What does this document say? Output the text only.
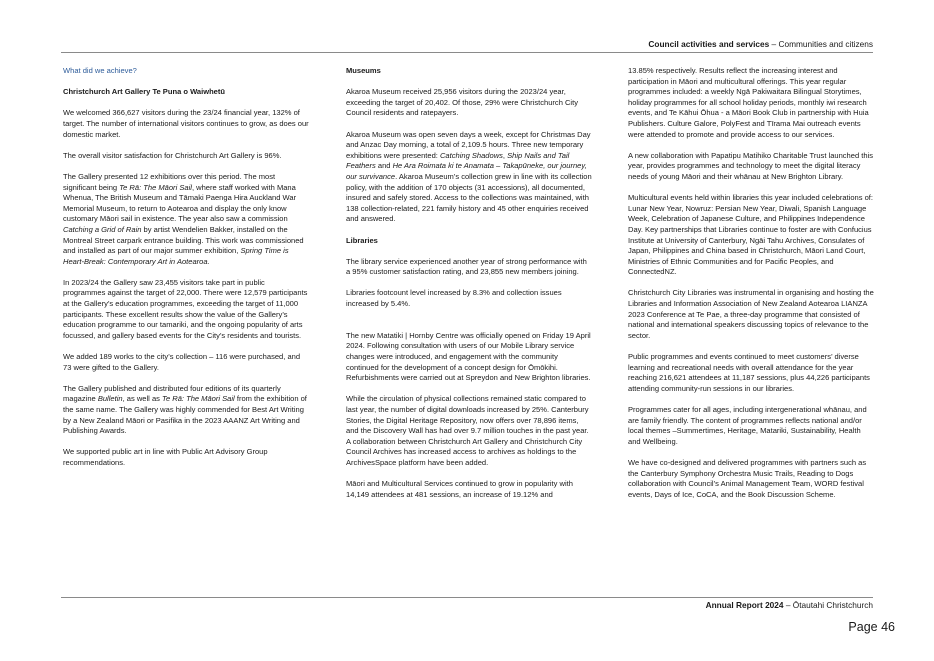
Council activities and services – Communities and citizens

What did we achieve?

Christchurch Art Gallery Te Puna o Waiwhetū

We welcomed 366,627 visitors during the 23/24 financial year, 132% of target. The number of international visitors continues to grow, as does our domestic market.

The overall visitor satisfaction for Christchurch Art Gallery is 96%.

The Gallery presented 12 exhibitions over this period. The most significant being Te Rā: The Māori Sail, where staff worked with Mana Whenua, The British Museum and Tāmaki Paenga Hira Auckland War Memorial Museum, to return to Aotearoa and display the only know customary Māori sail in existence. The year also saw a commission Catching a Grid of Rain by artist Wendelien Bakker, installed on the Montreal Street carpark entrance building. This work was commissioned and installed as part of our major summer exhibition, Spring Time is Heart-Break: Contemporary Art in Aotearoa.

In 2023/24 the Gallery saw 23,455 visitors take part in public programmes against the target of 22,000. There were 12,579 participants at the Gallery’s education programmes, exceeding the target of 11,000 participants. These excellent results show the value of the Gallery’s education programme to our tamariki, and the ongoing popularity of arts focussed, and gallery based events for the City’s residents and tourists.

We added 189 works to the city’s collection – 116 were purchased, and 73 were gifted to the Gallery.

The Gallery published and distributed four editions of its quarterly magazine Bulletin, as well as Te Rā: The Māori Sail from the exhibition of the same name. The Gallery was highly commended for Best Art Writing by a New Zealand Māori or Pasifika in the 2023 AAANZ Art Writing and Publishing Awards.

We supported public art in line with Public Art Advisory Group recommendations.

Museums

Akaroa Museum received 25,956 visitors during the 2023/24 year, exceeding the target of 20,402. Of those, 29% were Christchurch City Council residents and ratepayers.

Akaroa Museum was open seven days a week, except for Christmas Day and Anzac Day morning, a total of 2,109.5 hours. Three new temporary exhibitions were presented: Catching Shadows, Ship Nails and Tail Feathers and He Ara Roimata ki te Anamata – Takapūneke, our journey, our survivance. Akaroa Museum’s collection grew in line with its collection policy, with the addition of 170 objects (31 accessions), all documented, insured and safely stored. Access to the collections was maintained, with 138 collection-related, 221 family history and 45 other enquiries received and answered.

Libraries

The library service experienced another year of strong performance with a 95% customer satisfaction rating, and 23,855 new members joining.

Libraries footcount level increased by 8.3% and collection issues increased by 5.4%.

The new Matatiki | Hornby Centre was officially opened on Friday 19 April 2024. Following consultation with users of our Mobile Library service changes were introduced, and engagement with the community continued for the development of a concept design for Ōmōkihi. Refurbishments were carried out at Spreydon and New Brighton libraries.

While the circulation of physical collections remained static compared to last year, the number of digital downloads increased by 25%. Canterbury Stories, the Digital Heritage Repository, now offers over 78,896 items, and the Discovery Wall has had over 9.7 million touches in the past year. A collaboration between Christchurch Art Gallery and Christchurch City Council Archives has increased access to archives as holdings to the ArchivesSpace platform have been added.

Māori and Multicultural Services continued to grow in popularity with 14,149 attendees at 481 sessions, an increase of 19.12% and

13.85% respectively. Results reflect the increasing interest and participation in Māori and multicultural offerings. This year regular programmes included: a weekly Ngā Pakiwaitara Bilingual Storytimes, holiday programmes for all school holiday periods, monthly iwi research events, and Te Kāhui Ōhua - a Māori Book Club in partnership with Huia Publishers. Culture Galore, PolyFest and Tīrama Mai outreach events were attended to promote and provide access to our services.

A new collaboration with Papatipu Matihiko Charitable Trust launched this year, provides programmes and technology to meet the digital literacy needs of young Māori and their whānau at New Brighton Library.

Multicultural events held within libraries this year included celebrations of: Lunar New Year, Nowruz: Persian New Year, Diwali, Spanish Language Week, Celebration of Japanese Culture, and Philippines Independence Day. Key partnerships that Libraries continue to foster are with Confucius Institute at University of Canterbury, Ngāi Tahu Archives, Consulates of Japan, Philippines and China based in Christchurch, Māori Land Court, Ministries of Ethnic Communities and for Pacific Peoples, and ConnectedNZ.

Christchurch City Libraries was instrumental in organising and hosting the Libraries and Information Association of New Zealand Aotearoa LIANZA 2023 Conference at Te Pae, a three-day programme that consisted of national and international speakers discussing topics of relevance to the sector.

Public programmes and events continued to meet customers’ diverse learning and recreational needs with overall attendance for the year reaching 216,621 attendees at 11,187 sessions, plus 44,226 participants attending community-run sessions in our libraries.

Programmes cater for all ages, including intergenerational whānau, and are family friendly. The content of programmes reflects national and/or local themes –Summertimes, Heritage, Matariki, Sustainability, Health and Wellbeing.

We have co-designed and delivered programmes with partners such as the Canterbury Symphony Orchestra Music Trails, Reading to Dogs collaboration with Council’s Animal Management Team, WORD festival events, Days of Ice, CoCA, and the Book Discussion Scheme.

Annual Report 2024 – Ōtautahi Christchurch
Page 46
